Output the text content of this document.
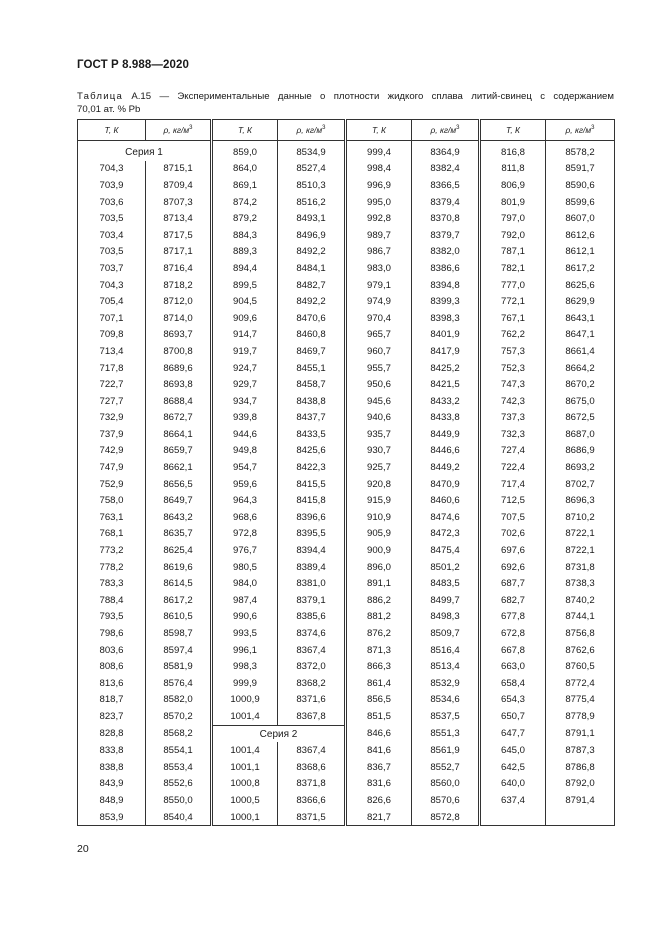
ГОСТ Р 8.988—2020
Таблица А.15 — Экспериментальные данные о плотности жидкого сплава литий-свинец с содержанием
70,01 ат. % Pb
Т, К	ρ, $кг/м^3$	Т, К	ρ, $кг/м^3$	Т, К	ρ, $кг/м^3$	Т, К	ρ, $кг/м^3$
Серия 1		859,0	8534,9	999,4	8364,9	816,8	8578,2
704,3	8715,1	864,0	8527,4	998,4	8382,4	811,8	8591,7
703,9	8709,4	869,1	8510,3	996,9	8366,5	806,9	8590,6
703,6	8707,3	874,2	8516,2	995,0	8379,4	801,9	8599,6
703,5	8713,4	879,2	8493,1	992,8	8370,8	797,0	8607,0
703,4	8717,5	884,3	8496,9	989,7	8379,7	792,0	8612,6
703,5	8717,1	889,3	8492,2	986,7	8382,0	787,1	8612,1
703,7	8716,4	894,4	8484,1	983,0	8386,6	782,1	8617,2
704,3	8718,2	899,5	8482,7	979,1	8394,8	777,0	8625,6
705,4	8712,0	904,5	8492,2	974,9	8399,3	772,1	8629,9
707,1	8714,0	909,6	8470,6	970,4	8398,3	767,1	8643,1
709,8	8693,7	914,7	8460,8	965,7	8401,9	762,2	8647,1
713,4	8700,8	919,7	8469,7	960,7	8417,9	757,3	8661,4
717,8	8689,6	924,7	8455,1	955,7	8425,2	752,3	8664,2
722,7	8693,8	929,7	8458,7	950,6	8421,5	747,3	8670,2
727,7	8688,4	934,7	8438,8	945,6	8433,2	742,3	8675,0
732,9	8672,7	939,8	8437,7	940,6	8433,8	737,3	8672,5
737,9	8664,1	944,6	8433,5	935,7	8449,9	732,3	8687,0
742,9	8659,7	949,8	8425,6	930,7	8446,6	727,4	8686,9
747,9	8662,1	954,7	8422,3	925,7	8449,2	722,4	8693,2
752,9	8656,5	959,6	8415,5	920,8	8470,9	717,4	8702,7
758,0	8649,7	964,3	8415,8	915,9	8460,6	712,5	8696,3
763,1	8643,2	968,6	8396,6	910,9	8474,6	707,5	8710,2
768,1	8635,7	972,8	8395,5	905,9	8472,3	702,6	8722,1
773,2	8625,4	976,7	8394,4	900,9	8475,4	697,6	8722,1
778,2	8619,6	980,5	8389,4	896,0	8501,2	692,6	8731,8
783,3	8614,5	984,0	8381,0	891,1	8483,5	687,7	8738,3
788,4	8617,2	987,4	8379,1	886,2	8499,7	682,7	8740,2
793,5	8610,5	990,6	8385,6	881,2	8498,3	677,8	8744,1
798,6	8598,7	993,5	8374,6	876,2	8509,7	672,8	8756,8
803,6	8597,4	996,1	8367,4	871,3	8516,4	667,8	8762,6
808,6	8581,9	998,3	8372,0	866,3	8513,4	663,0	8760,5
813,6	8576,4	999,9	8368,2	861,4	8532,9	658,4	8772,4
818,7	8582,0	1000,9	8371,6	856,5	8534,6	654,3	8775,4
823,7	8570,2	1001,4	8367,8	851,5	8537,5	650,7	8778,9
828,8	8568,2	Серия 2		846,6	8551,3	647,7	8791,1
833,8	8554,1	1001,4	8367,4	841,6	8561,9	645,0	8787,3
838,8	8553,4	1001,1	8368,6	836,7	8552,7	642,5	8786,8
843,9	8552,6	1000,8	8371,8	831,6	8560,0	640,0	8792,0
848,9	8550,0	1000,5	8366,6	826,6	8570,6	637,4	8791,4
853,9	8540,4	1000,1	8371,5	821,7	8572,8		
20
